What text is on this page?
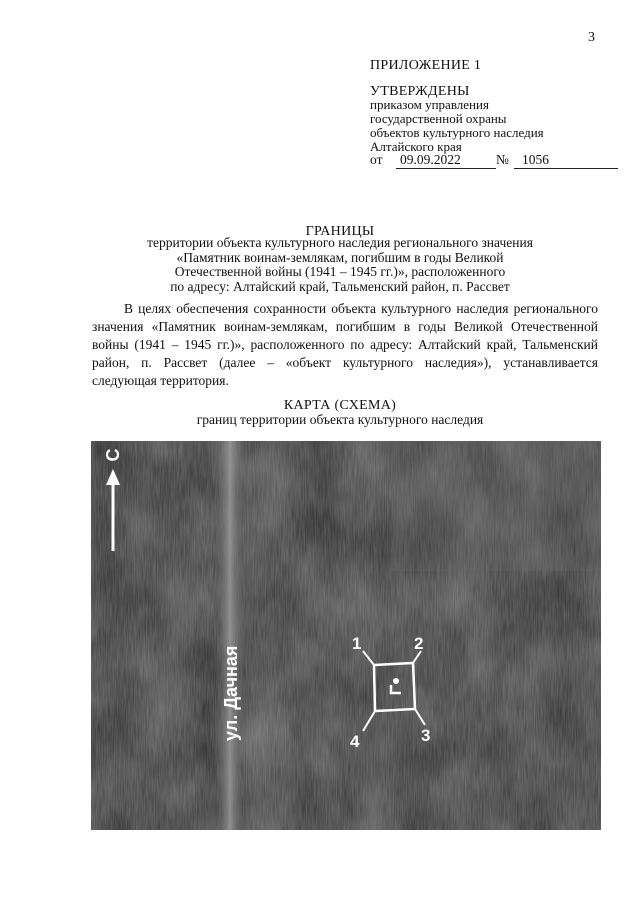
3
ПРИЛОЖЕНИЕ 1
УТВЕРЖДЕНЫ
приказом управления
государственной охраны
объектов культурного наследия
Алтайского края
от 09.09.2022	№ 1056
ГРАНИЦЫ
территории объекта культурного наследия регионального значения
«Памятник воинам-землякам, погибшим в годы Великой
Отечественной войны (1941 – 1945 гг.)», расположенного
по адресу: Алтайский край, Тальменский район, п. Рассвет
В целях обеспечения сохранности объекта культурного наследия регионального значения «Памятник воинам-землякам, погибшим в годы Великой Отечественной войны (1941 – 1945 гг.)», расположенного по адресу: Алтайский край, Тальменский район, п. Рассвет (далее – «объект культурного наследия»), устанавливается следующая территория.
КАРТА (СХЕМА)
границ территории объекта культурного наследия
С
ул. Дачная
1	2
3
4
